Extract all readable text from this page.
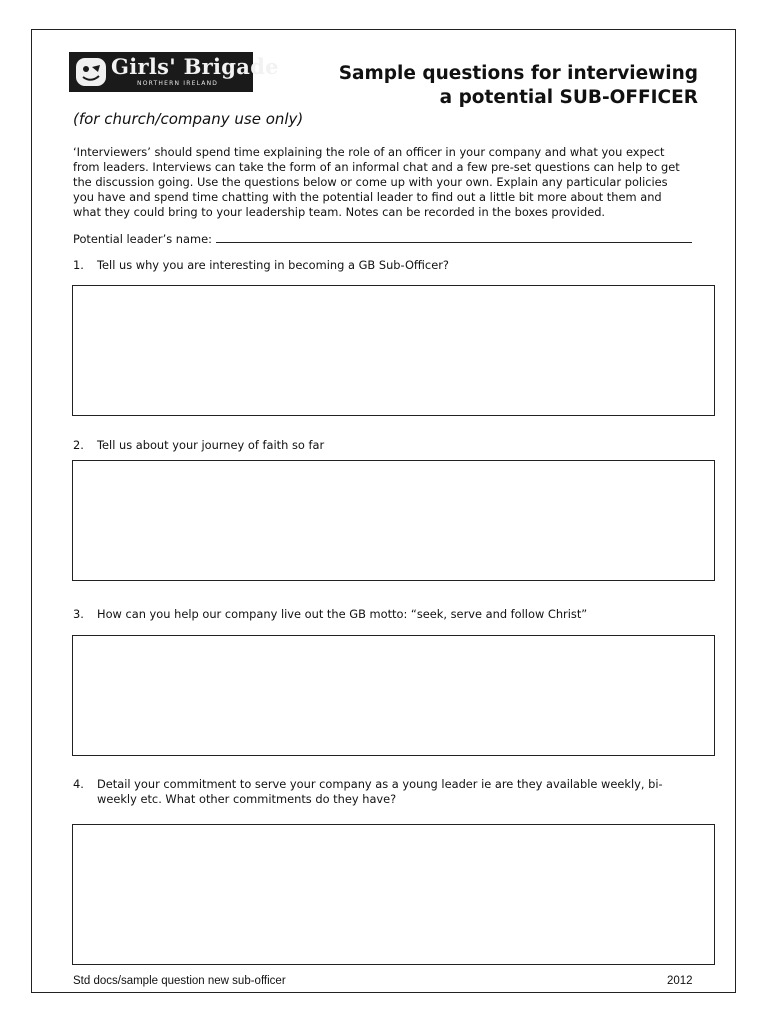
Girls' Brigade
NORTHERN IRELAND	Sample questions for interviewing
a potential SUB-OFFICER
(for church/company use only)
‘Interviewers’ should spend time explaining the role of an officer in your company and what you expect
from leaders. Interviews can take the form of an informal chat and a few pre-set questions can help to get
the discussion going. Use the questions below or come up with your own. Explain any particular policies
you have and spend time chatting with the potential leader to find out a little bit more about them and
what they could bring to your leadership team. Notes can be recorded in the boxes provided.
Potential leader’s name:
1. Tell us why you are interesting in becoming a GB Sub-Officer?
2. Tell us about your journey of faith so far
3. How can you help our company live out the GB motto: “seek, serve and follow Christ”
4. Detail your commitment to serve your company as a young leader ie are they available weekly, bi-
weekly etc. What other commitments do they have?
Std docs/sample question new sub-officer	2012
